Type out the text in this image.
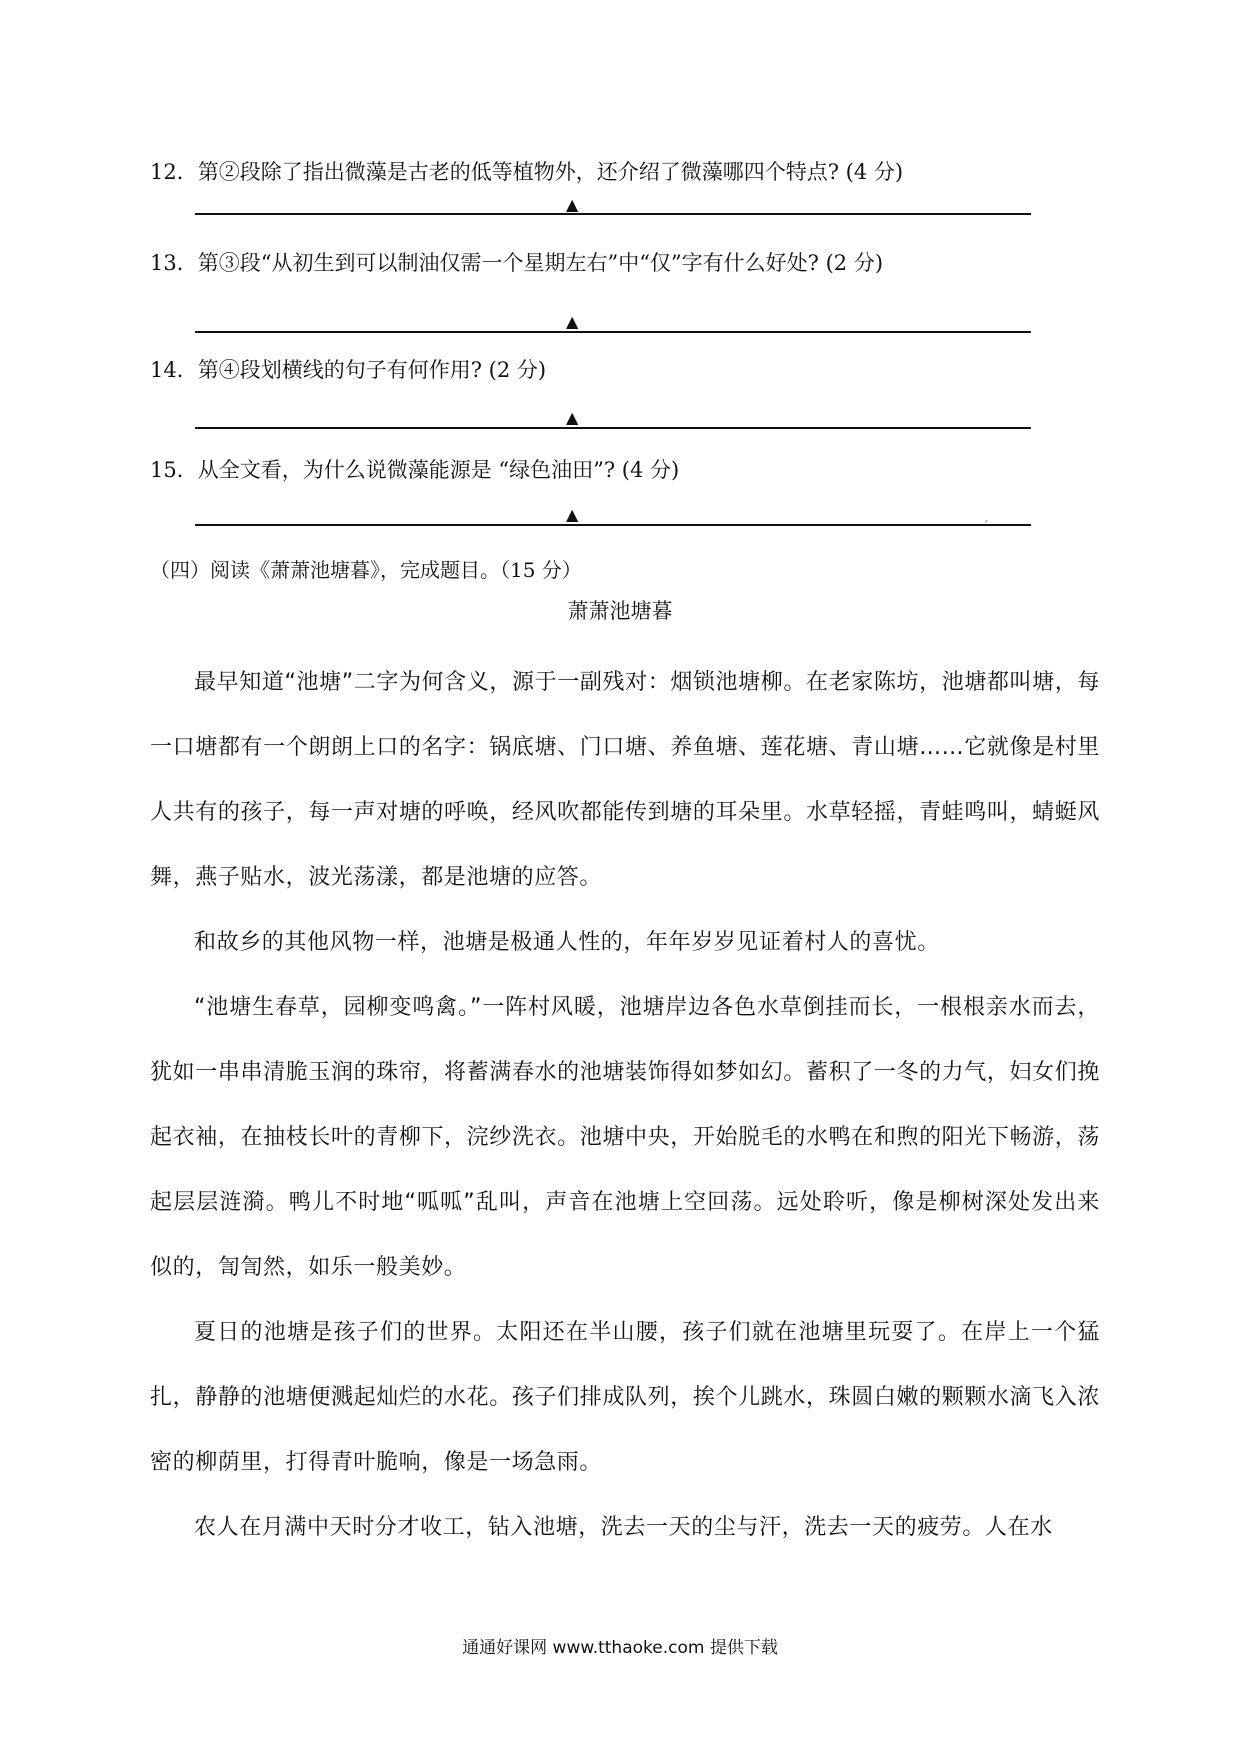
12．第②段除了指出微藻是古老的低等植物外，还介绍了微藻哪四个特点? (4 分)
▲
13．第③段“从初生到可以制油仅需一个星期左右”中“仅”字有什么好处? (2 分)
▲
14．第④段划横线的句子有何作用? (2 分)
▲
15．从全文看，为什么说微藻能源是 “绿色油田”? (4 分)
▲
′
（四）阅读《萧萧池塘暮》，完成题目。（15 分）
萧萧池塘暮

最早知道“池塘”二字为何含义，源于一副残对：烟锁池塘柳。在老家陈坊，池塘都叫塘，每一口塘都有一个朗朗上口的名字：锅底塘、门口塘、养鱼塘、莲花塘、青山塘……它就像是村里人共有的孩子，每一声对塘的呼唤，经风吹都能传到塘的耳朵里。水草轻摇，青蛙鸣叫，蜻蜓风舞，燕子贴水，波光荡漾，都是池塘的应答。

和故乡的其他风物一样，池塘是极通人性的，年年岁岁见证着村人的喜忧。

“池塘生春草，园柳变鸣禽。”一阵村风暖，池塘岸边各色水草倒挂而长，一根根亲水而去，犹如一串串清脆玉润的珠帘，将蓄满春水的池塘装饰得如梦如幻。蓄积了一冬的力气，妇女们挽起衣袖，在抽枝长叶的青柳下，浣纱洗衣。池塘中央，开始脱毛的水鸭在和煦的阳光下畅游，荡起层层涟漪。鸭儿不时地“呱呱”乱叫，声音在池塘上空回荡。远处聆听，像是柳树深处发出来似的，訇訇然，如乐一般美妙。

夏日的池塘是孩子们的世界。太阳还在半山腰，孩子们就在池塘里玩耍了。在岸上一个猛扎，静静的池塘便溅起灿烂的水花。孩子们排成队列，挨个儿跳水，珠圆白嫩的颗颗水滴飞入浓密的柳荫里，打得青叶脆响，像是一场急雨。

农人在月满中天时分才收工，钻入池塘，洗去一天的尘与汗，洗去一天的疲劳。人在水

通通好课网 www.tthaoke.com 提供下载
